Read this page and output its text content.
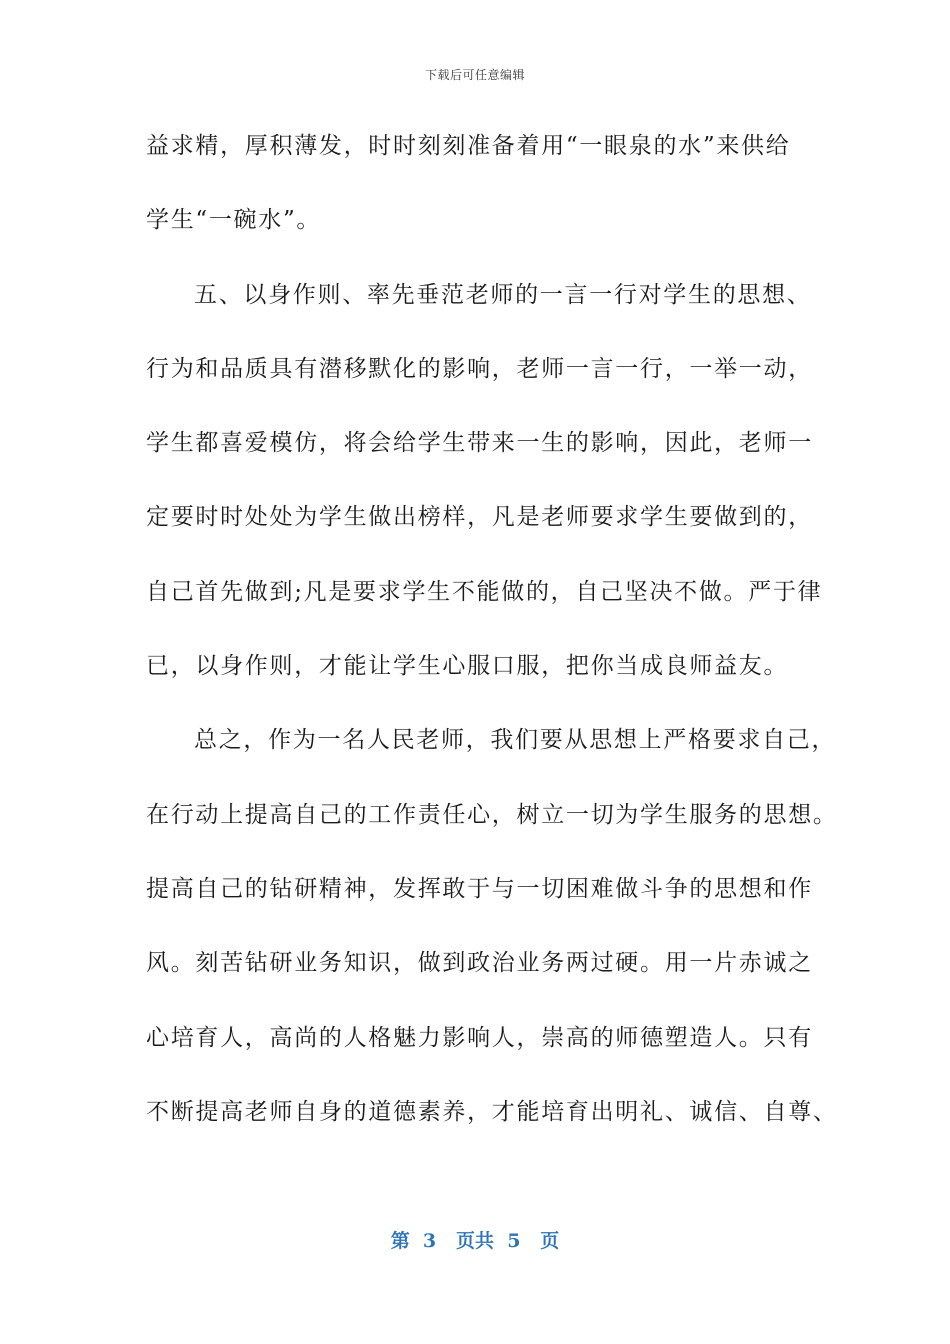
下载后可任意编辑
益求精，厚积薄发，时时刻刻准备着用“一眼泉的水”来供给
学生“一碗水”。
五、以身作则、率先垂范老师的一言一行对学生的思想、
行为和品质具有潜移默化的影响，老师一言一行，一举一动，
学生都喜爱模仿，将会给学生带来一生的影响，因此，老师一
定要时时处处为学生做出榜样，凡是老师要求学生要做到的，
自己首先做到;凡是要求学生不能做的，自己坚决不做。严于律
已，以身作则，才能让学生心服口服，把你当成良师益友。
总之，作为一名人民老师，我们要从思想上严格要求自己，
在行动上提高自己的工作责任心，树立一切为学生服务的思想。
提高自己的钻研精神，发挥敢于与一切困难做斗争的思想和作
风。刻苦钻研业务知识，做到政治业务两过硬。用一片赤诚之
心培育人，高尚的人格魅力影响人，崇高的师德塑造人。只有
不断提高老师自身的道德素养，才能培育出明礼、诚信、自尊、
第  3   页共  5   页
